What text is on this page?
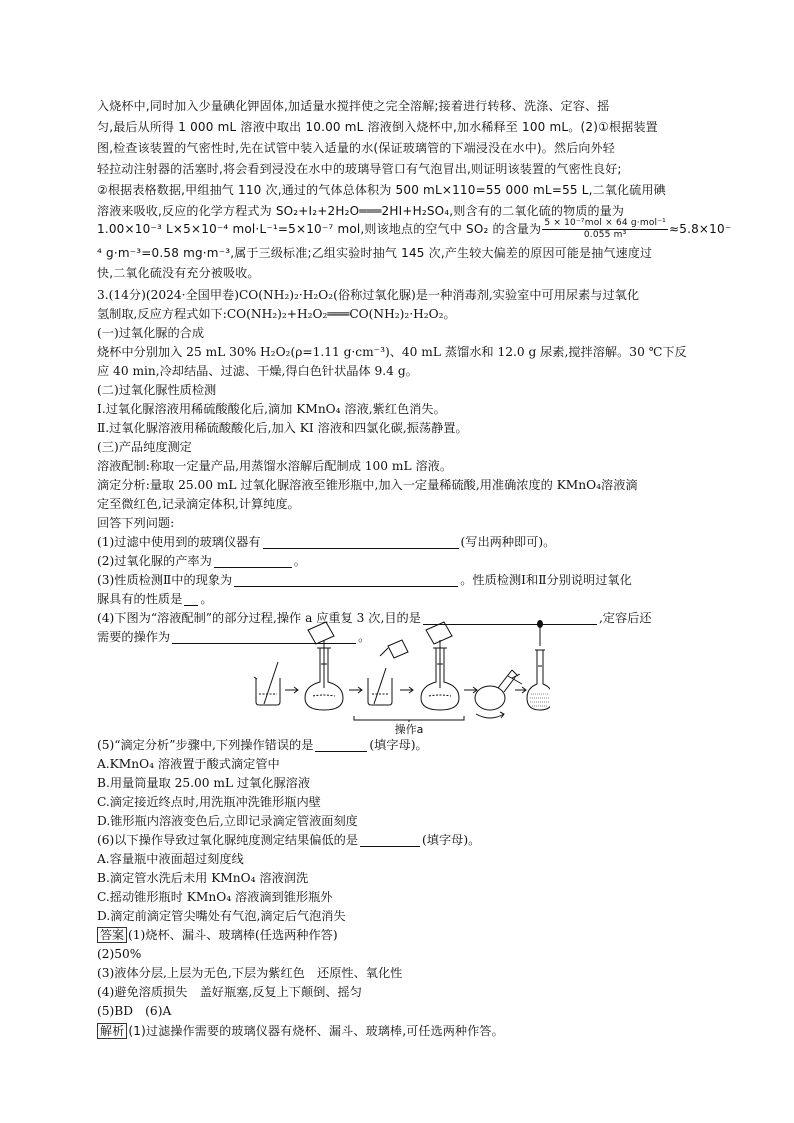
入烧杯中,同时加入少量碘化钾固体,加适量水搅拌使之完全溶解;接着进行转移、洗涤、定容、摇
匀,最后从所得 1 000 mL 溶液中取出 10.00 mL 溶液倒入烧杯中,加水稀释至 100 mL。(2)①根据装置
图,检查该装置的气密性时,先在试管中装入适量的水(保证玻璃管的下端浸没在水中)。然后向外轻
轻拉动注射器的活塞时,将会看到浸没在水中的玻璃导管口有气泡冒出,则证明该装置的气密性良好;
②根据表格数据,甲组抽气 110 次,通过的气体总体积为 500 mL×110=55 000 mL=55 L,二氧化硫用碘
溶液来吸收,反应的化学方程式为 SO₂+I₂+2H₂O═══2HI+H₂SO₄,则含有的二氧化硫的物质的量为
1.00×10⁻³ L×5×10⁻⁴ mol·L⁻¹=5×10⁻⁷ mol,则该地点的空气中 SO₂ 的含量为 $\frac{\text{5 × 10⁻⁷mol × 64 g·mol⁻¹}}{\text{0.055 m³}} \approx 5.8\times 10^-$
⁴ g·m⁻³=0.58 mg·m⁻³,属于三级标准;乙组实验时抽气 145 次,产生较大偏差的原因可能是抽气速度过
快,二氧化硫没有充分被吸收。
3.(14分)(2024·全国甲卷)CO(NH₂)₂·H₂O₂(俗称过氧化脲)是一种消毒剂,实验室中可用尿素与过氧化
氢制取,反应方程式如下:CO(NH₂)₂+H₂O₂═══CO(NH₂)₂·H₂O₂。
(一)过氧化脲的合成
烧杯中分别加入 25 mL 30% H₂O₂(ρ=1.11 g·cm⁻³)、40 mL 蒸馏水和 12.0 g 尿素,搅拌溶解。30 ℃下反
应 40 min,冷却结晶、过滤、干燥,得白色针状晶体 9.4 g。
(二)过氧化脲性质检测
Ⅰ.过氧化脲溶液用稀硫酸酸化后,滴加 KMnO₄ 溶液,紫红色消失。
Ⅱ.过氧化脲溶液用稀硫酸酸化后,加入 KI 溶液和四氯化碳,振荡静置。
(三)产品纯度测定
溶液配制:称取一定量产品,用蒸馏水溶解后配制成 100 mL 溶液。
滴定分析:量取 25.00 mL 过氧化脲溶液至锥形瓶中,加入一定量稀硫酸,用准确浓度的 KMnO₄溶液滴
定至微红色,记录滴定体积,计算纯度。
回答下列问题:
(1)过滤中使用到的玻璃仪器有	(写出两种即可)。
(2)过氧化脲的产率为	。
(3)性质检测Ⅱ中的现象为	。性质检测Ⅰ和Ⅱ分别说明过氧化
脲具有的性质是 。
(4)下图为“溶液配制”的部分过程,操作 a 应重复 3 次,目的是	,定容后还
需要的操作为	。
操作a
(5)“滴定分析”步骤中,下列操作错误的是	(填字母)。
A.KMnO₄ 溶液置于酸式滴定管中
B.用量筒量取 25.00 mL 过氧化脲溶液
C.滴定接近终点时,用洗瓶冲洗锥形瓶内壁
D.锥形瓶内溶液变色后,立即记录滴定管液面刻度
(6)以下操作导致过氧化脲纯度测定结果偏低的是	(填字母)。
A.容量瓶中液面超过刻度线
B.滴定管水洗后未用 KMnO₄ 溶液润洗
C.摇动锥形瓶时 KMnO₄ 溶液滴到锥形瓶外
D.滴定前滴定管尖嘴处有气泡,滴定后气泡消失
答案 (1)烧杯、漏斗、玻璃棒(任选两种作答)
(2)50%
(3)液体分层,上层为无色,下层为紫红色　还原性、氧化性
(4)避免溶质损失　盖好瓶塞,反复上下颠倒、摇匀
(5)BD　(6)A
解析 (1)过滤操作需要的玻璃仪器有烧杯、漏斗、玻璃棒,可任选两种作答。
